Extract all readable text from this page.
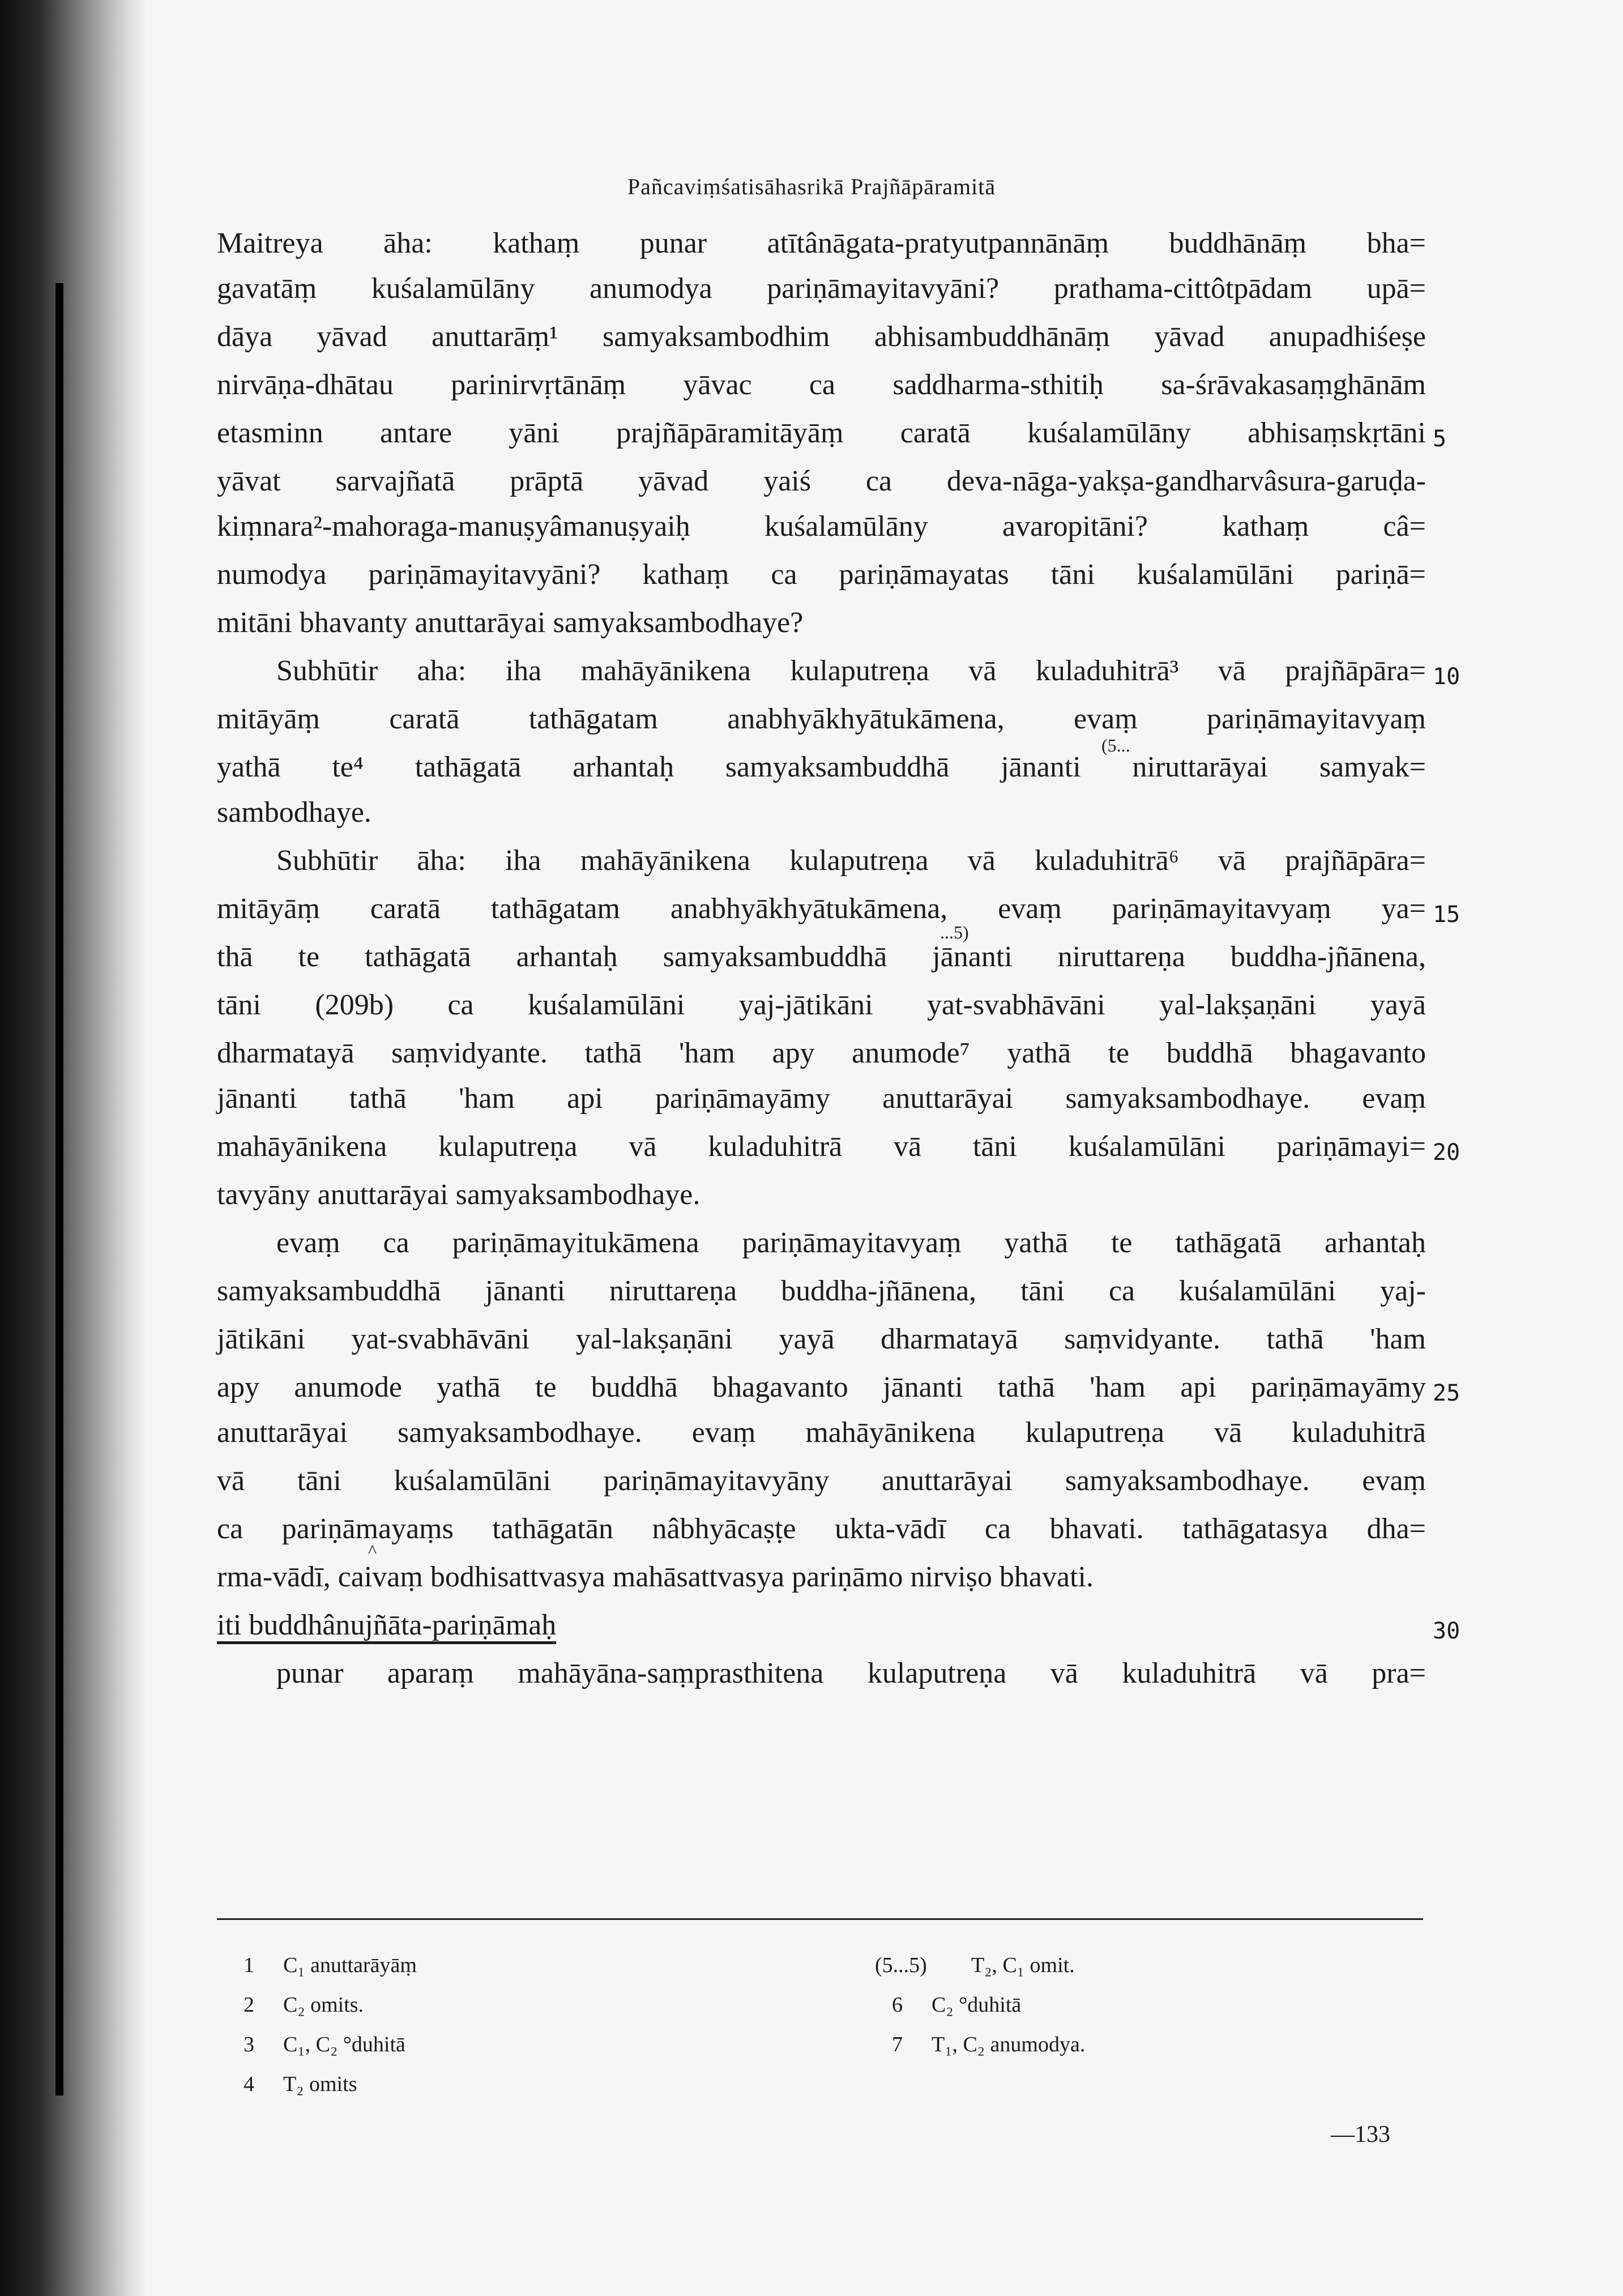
Pañcaviṃśatisāhasrikā Prajñāpāramitā
Maitreya āha: kathaṃ punar atītânāgata-pratyutpannānāṃ buddhānāṃ bha=
gavatāṃ kuśalamūlāny anumodya pariṇāmayitavyāni? prathama-cittôtpādam upā=
dāya yāvad anuttarāṃ¹ samyaksambodhim abhisambuddhānāṃ yāvad anupadhiśeṣe
nirvāṇa-dhātau parinirvṛtānāṃ yāvac ca saddharma-sthitiḥ sa-śrāvakasaṃghānām
etasminn antare yāni prajñāpāramitāyāṃ caratā kuśalamūlāny abhisaṃskṛtāni
yāvat sarvajñatā prāptā yāvad yaiś ca deva-nāga-yakṣa-gandharvâsura-garuḍa-
kiṃnara²-mahoraga-manuṣyâmanuṣyaiḥ kuśalamūlāny avaropitāni? kathaṃ câ=
numodya pariṇāmayitavyāni? kathaṃ ca pariṇāmayatas tāni kuśalamūlāni pariṇā=
mitāni bhavanty anuttarāyai samyaksambodhaye?
Subhūtir aha: iha mahāyānikena kulaputreṇa vā kuladuhitrā³ vā prajñāpāra=
mitāyāṃ caratā tathāgatam anabhyākhyātukāmena, evaṃ pariṇāmayitavyaṃ
yathā te⁴ tathāgatā arhantaḥ samyaksambuddhā jānanti niruttarāyai samyak=
sambodhaye.
Subhūtir āha: iha mahāyānikena kulaputreṇa vā kuladuhitrā⁶ vā prajñāpāra=
mitāyāṃ caratā tathāgatam anabhyākhyātukāmena, evaṃ pariṇāmayitavyaṃ ya=
thā te tathāgatā arhantaḥ samyaksambuddhā jānanti niruttareṇa buddha-jñānena,
tāni (209b) ca kuśalamūlāni yaj-jātikāni yat-svabhāvāni yal-lakṣaṇāni yayā
dharmatayā saṃvidyante. tathā 'ham apy anumode⁷ yathā te buddhā bhagavanto
jānanti tathā 'ham api pariṇāmayāmy anuttarāyai samyaksambodhaye. evaṃ
mahāyānikena kulaputreṇa vā kuladuhitrā vā tāni kuśalamūlāni pariṇāmayi=
tavyāny anuttarāyai samyaksambodhaye.
evaṃ ca pariṇāmayitukāmena pariṇāmayitavyaṃ yathā te tathāgatā arhantaḥ
samyaksambuddhā jānanti niruttareṇa buddha-jñānena, tāni ca kuśalamūlāni yaj-
jātikāni yat-svabhāvāni yal-lakṣaṇāni yayā dharmatayā saṃvidyante. tathā 'ham
apy anumode yathā te buddhā bhagavanto jānanti tathā 'ham api pariṇāmayāmy
anuttarāyai samyaksambodhaye. evaṃ mahāyānikena kulaputreṇa vā kuladuhitrā
vā tāni kuśalamūlāni pariṇāmayitavyāny anuttarāyai samyaksambodhaye. evaṃ
ca pariṇāmayaṃs tathāgatān nâbhyācaṣṭe ukta-vādī ca bhavati. tathāgatasya dha=
rma-vādī, caivaṃ bodhisattvasya mahāsattvasya pariṇāmo nirviṣo bhavati.
iti buddhânujñāta-pariṇāmaḥ
punar aparaṃ mahāyāna-saṃprasthitena kulaputreṇa vā kuladuhitrā vā pra=
5
10
15
20
25
30
(5...
...5)
^
1 C₁ anuttarāyāṃ
2 C₂ omits.
3 C₁, C₂ °duhitā
4 T₂ omits
(5...5) T₂, C₁ omit.
6 C₂ °duhitā
7 T₁, C₂ anumodya.
—133
